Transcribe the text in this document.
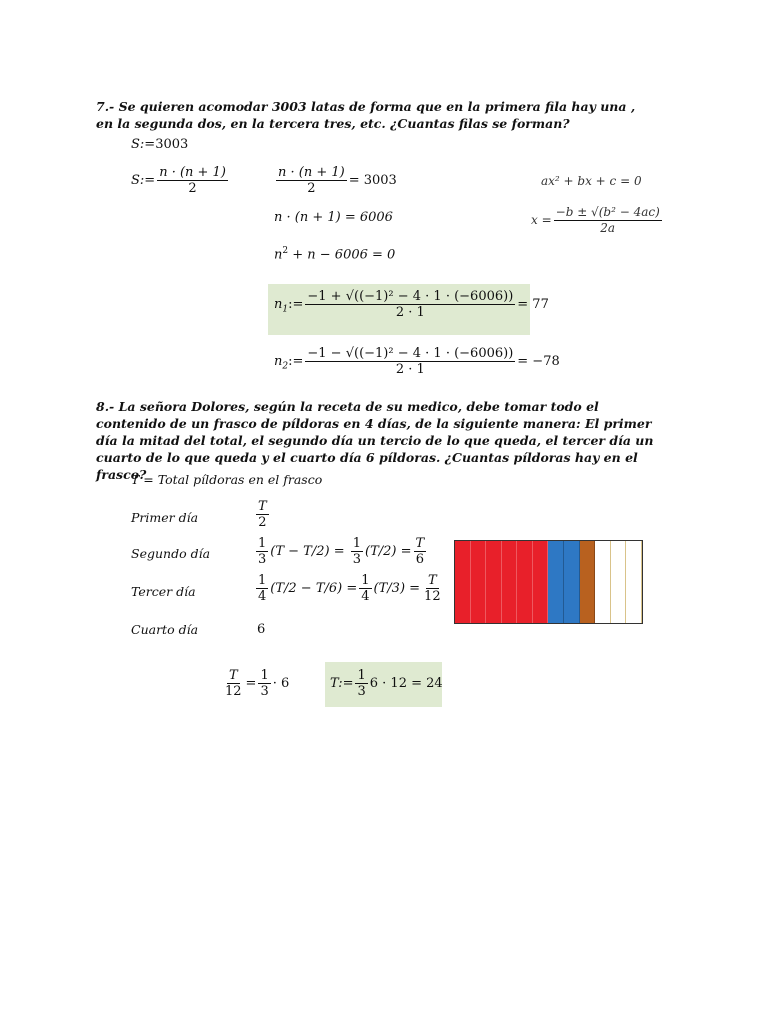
7.- Se quieren acomodar 3003 latas de forma que en la primera fila hay una , en la segunda dos, en la tercera tres, etc. ¿Cuantas filas se forman?

S:=3003
S:= $\frac{n \cdot (n + 1)}{2}$	$\frac{n \cdot (n + 1)}{2} = 3003$
n · (n + 1) = 6006
$n^2 + n - 6006 = 0$
$n_1:= \frac{\text{−1 + √((−1)² − 4 · 1 · (−6006))}}{2 \cdot 1} = 77$
$n_2:= \frac{\text{−1 − √((−1)² − 4 · 1 · (−6006))}}{2 \cdot 1} = -78$
ax² + bx + c = 0
$x = \frac{\text{−b ± √(b² − 4ac)}}{2a}$

8.- La señora Dolores, según la receta de su medico, debe tomar todo el contenido de un frasco de píldoras en 4 días, de la siguiente manera: El primer día la mitad del total, el segundo día un tercio de lo que queda, el tercer día un cuarto de lo que queda y el cuarto día 6 píldoras. ¿Cuantas píldoras hay en el frasco?

T = Total píldoras en el frasco
Primer día	$\frac{T}{2}$
Segundo día	$\frac{1}{3} (T - T/2) = \frac{1}{3} (T/2) = \frac{T}{6}$
Tercer día	$\frac{1}{4} (T/2 - T/6) = \frac{1}{4} (T/3) = \frac{T}{12}$
Cuarto día	6
$\frac{T}{12} = \frac{1}{3} \cdot 6$	T:= $\frac{1}{3} 6 \cdot 12 = 24$
